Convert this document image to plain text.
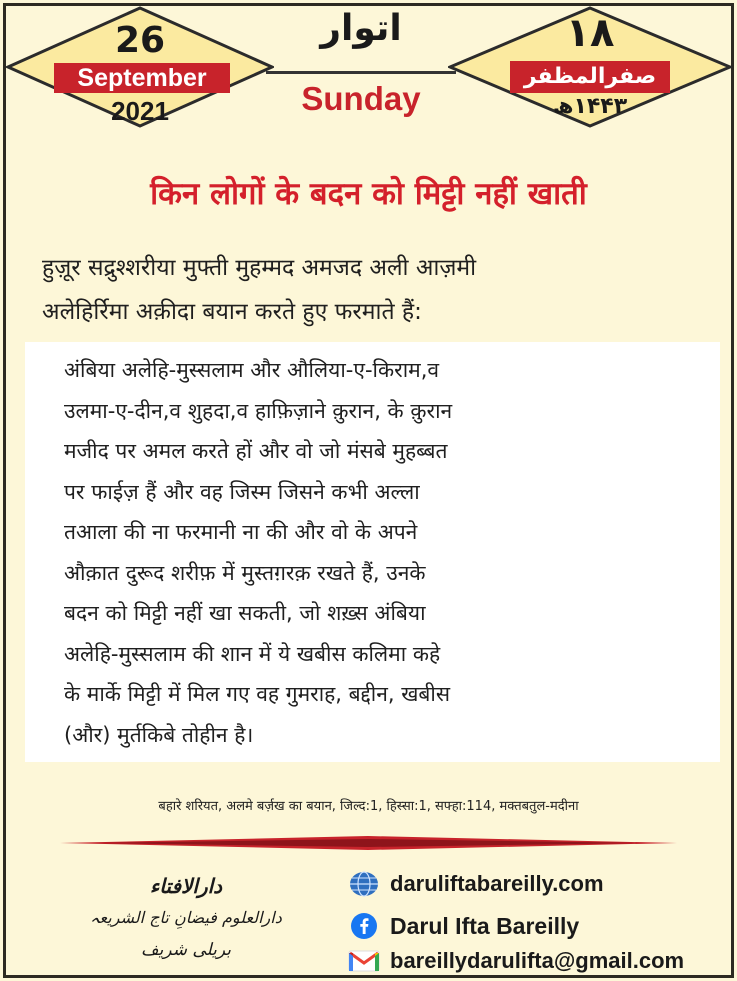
26
September
2021
اتوار
Sunday
۱۸
صفرالمظفر
۱۴۴۳ھ
किन लोगों के बदन को मिट्टी नहीं खाती
हुज़ूर सद्रुश्शरीया मुफ्ती मुहम्मद अमजद अली आज़मी
अलेहिर्रिमा अक़ीदा बयान करते हुए फरमाते हैं:
अंबिया अलेहि-मुस्सलाम और औलिया-ए-किराम,व
उलमा-ए-दीन,व शुहदा,व हाफ़िज़ाने क़ुरान, के क़ुरान
मजीद पर अमल करते हों और वो जो मंसबे मुहब्बत
पर फाईज़ हैं और वह जिस्म जिसने कभी अल्ला
तआला की ना फरमानी ना की और वो के अपने
औक़ात दुरूद शरीफ़ में मुस्तग़रक़ रखते हैं, उनके
बदन को मिट्टी नहीं खा सकती, जो शख़्स अंबिया
अलेहि-मुस्सलाम की शान में ये खबीस कलिमा कहे
के मार्के मिट्टी में मिल गए वह गुमराह, बद्दीन, खबीस
(और) मुर्तकिबे तोहीन है।
बहारे शरियत, अलमे बर्ज़ख का बयान, जिल्द:1, हिस्सा:1, सफ्हा:114, मक्तबतुल-मदीना
دارالافتاء
دارالعلوم فیضانِ تاج الشریعہ
بریلی شریف
daruliftabareilly.com
Darul Ifta Bareilly
bareillydarulifta@gmail.com
